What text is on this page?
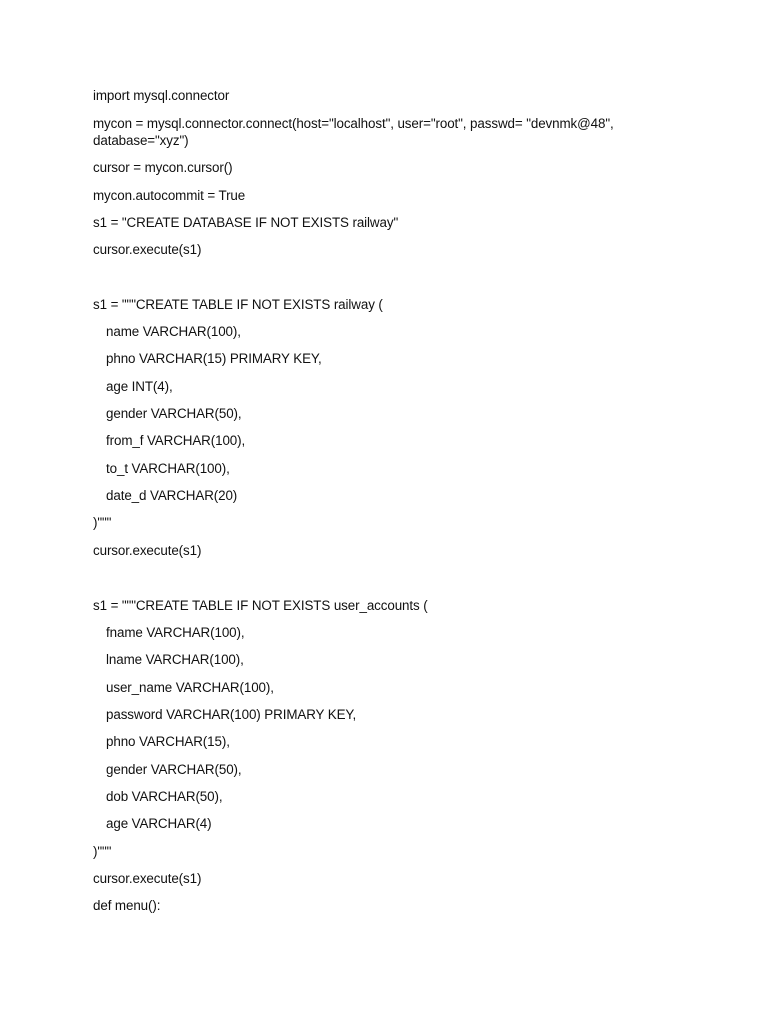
import mysql.connector
mycon = mysql.connector.connect(host="localhost", user="root", passwd= "devnmk@48",
database="xyz")
cursor = mycon.cursor()
mycon.autocommit = True
s1 = "CREATE DATABASE IF NOT EXISTS railway"
cursor.execute(s1)
s1 = """CREATE TABLE IF NOT EXISTS railway (
name VARCHAR(100),
phno VARCHAR(15) PRIMARY KEY,
age INT(4),
gender VARCHAR(50),
from_f VARCHAR(100),
to_t VARCHAR(100),
date_d VARCHAR(20)
)"""
cursor.execute(s1)
s1 = """CREATE TABLE IF NOT EXISTS user_accounts (
fname VARCHAR(100),
lname VARCHAR(100),
user_name VARCHAR(100),
password VARCHAR(100) PRIMARY KEY,
phno VARCHAR(15),
gender VARCHAR(50),
dob VARCHAR(50),
age VARCHAR(4)
)"""
cursor.execute(s1)
def menu():
